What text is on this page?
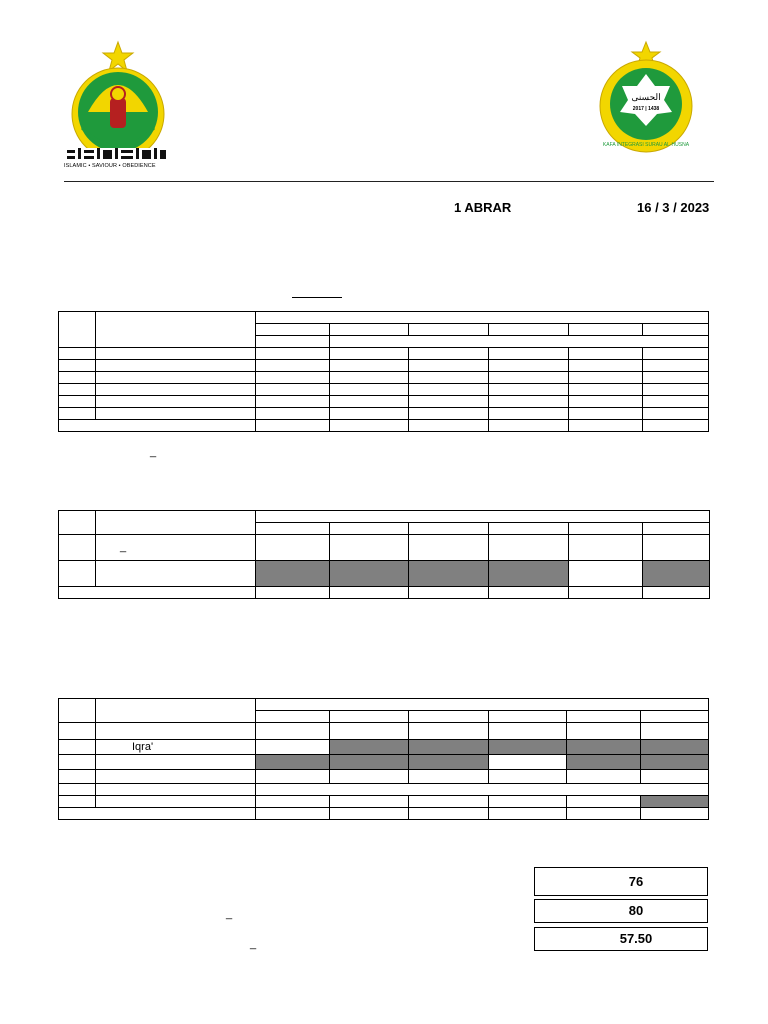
ISLAMIC • SAVIOUR • OBEDIENCE
الحسنى
2017 | 1438
KAFA INTEGRASI SURAU AL-HUSNA
1 ABRAR	16 / 3 / 2023

_

	_						

	Iqra'						

_
_
76
80
57.50
